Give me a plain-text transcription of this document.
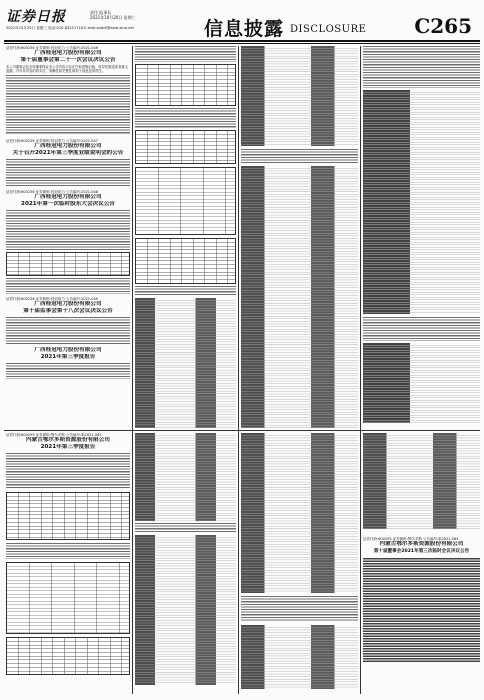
证券日报	责任 监事长
2021年10月20日 星期三
2021年10月20日 星期三 电话:010-83251716 E-mail:zqrb9@zqrb.sina.net	信息披露 DISCLOSURE C265
证券代码:600236 证券简称:桂冠电力 公告编号:2021-046
广西桂冠电力股份有限公司
第十届董事会第二十一次会议决议公告
本公司董事会及全体董事保证本公告内容不存在任何虚假记载、误导性陈述或者重大遗漏，并对其内容的真实性、准确性和完整性承担个别及连带责任。
证券代码:600236 证券简称:桂冠电力 公告编号:2021-047
广西桂冠电力股份有限公司
关于召开2021年第三季度业绩说明会的公告
证券代码:600236 证券简称:桂冠电力 公告编号:2021-048
广西桂冠电力股份有限公司
2021年第一次临时股东大会决议公告
证券代码:600236 证券简称:桂冠电力 公告编号:2021-049
广西桂冠电力股份有限公司
第十届监事会第十八次会议决议公告
广西桂冠电力股份有限公司
2021年第三季度报告
证券代码:600295 证券简称:鄂尔多斯 公告编号:临2021-063
内蒙古鄂尔多斯资源股份有限公司
2021年第三季度报告
证券代码:600295 证券简称:鄂尔多斯 公告编号:临2021-064
内蒙古鄂尔多斯资源股份有限公司
第十届董事会2021年第三次临时会议决议公告
